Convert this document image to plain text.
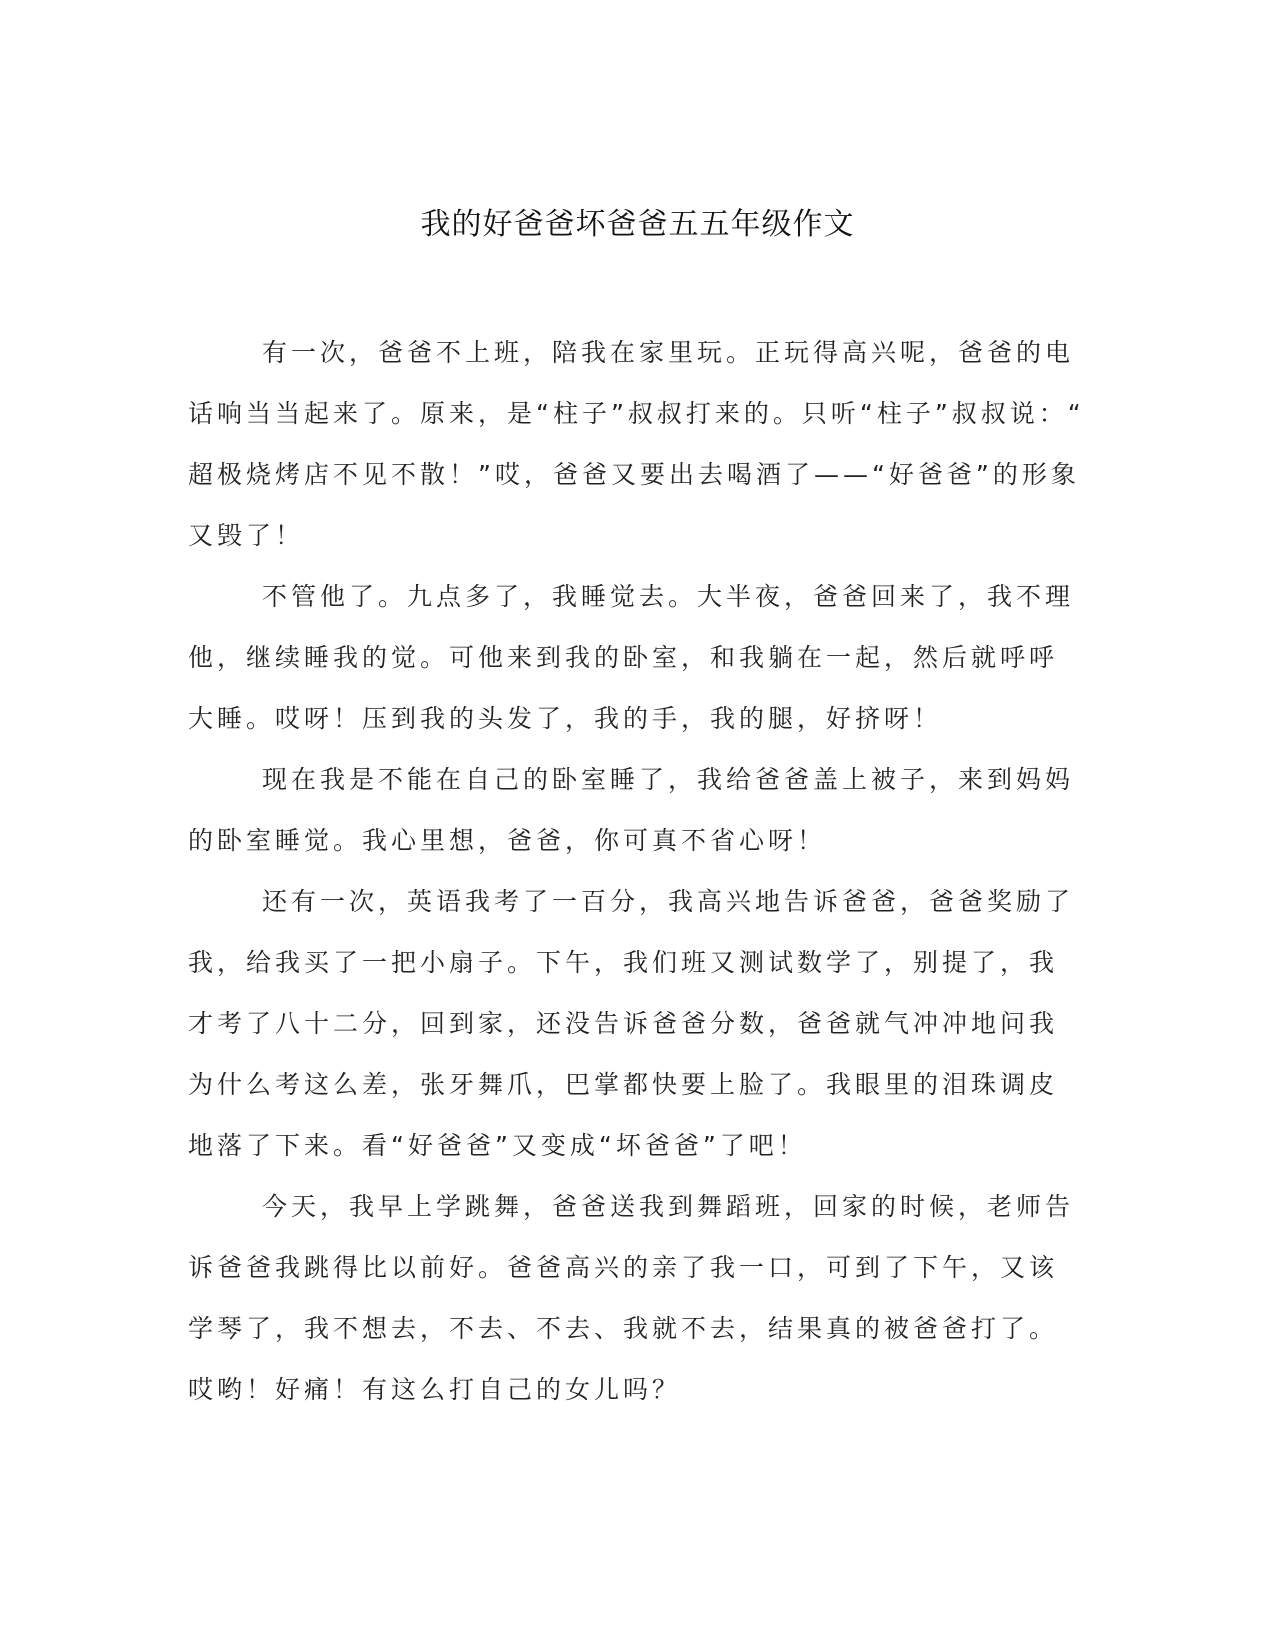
我的好爸爸坏爸爸五五年级作文

有一次，爸爸不上班，陪我在家里玩。正玩得高兴呢，爸爸的电
话响当当起来了。原来，是“柱子”叔叔打来的。只听“柱子”叔叔说：“
超极烧烤店不见不散！”哎，爸爸又要出去喝酒了——“好爸爸”的形象
又毁了！

不管他了。九点多了，我睡觉去。大半夜，爸爸回来了，我不理
他，继续睡我的觉。可他来到我的卧室，和我躺在一起，然后就呼呼
大睡。哎呀！压到我的头发了，我的手，我的腿，好挤呀！

现在我是不能在自己的卧室睡了，我给爸爸盖上被子，来到妈妈
的卧室睡觉。我心里想，爸爸，你可真不省心呀！

还有一次，英语我考了一百分，我高兴地告诉爸爸，爸爸奖励了
我，给我买了一把小扇子。下午，我们班又测试数学了，别提了，我
才考了八十二分，回到家，还没告诉爸爸分数，爸爸就气冲冲地问我
为什么考这么差，张牙舞爪，巴掌都快要上脸了。我眼里的泪珠调皮
地落了下来。看“好爸爸”又变成“坏爸爸”了吧！

今天，我早上学跳舞，爸爸送我到舞蹈班，回家的时候，老师告
诉爸爸我跳得比以前好。爸爸高兴的亲了我一口，可到了下午，又该
学琴了，我不想去，不去、不去、我就不去，结果真的被爸爸打了。
哎哟！好痛！有这么打自己的女儿吗？
